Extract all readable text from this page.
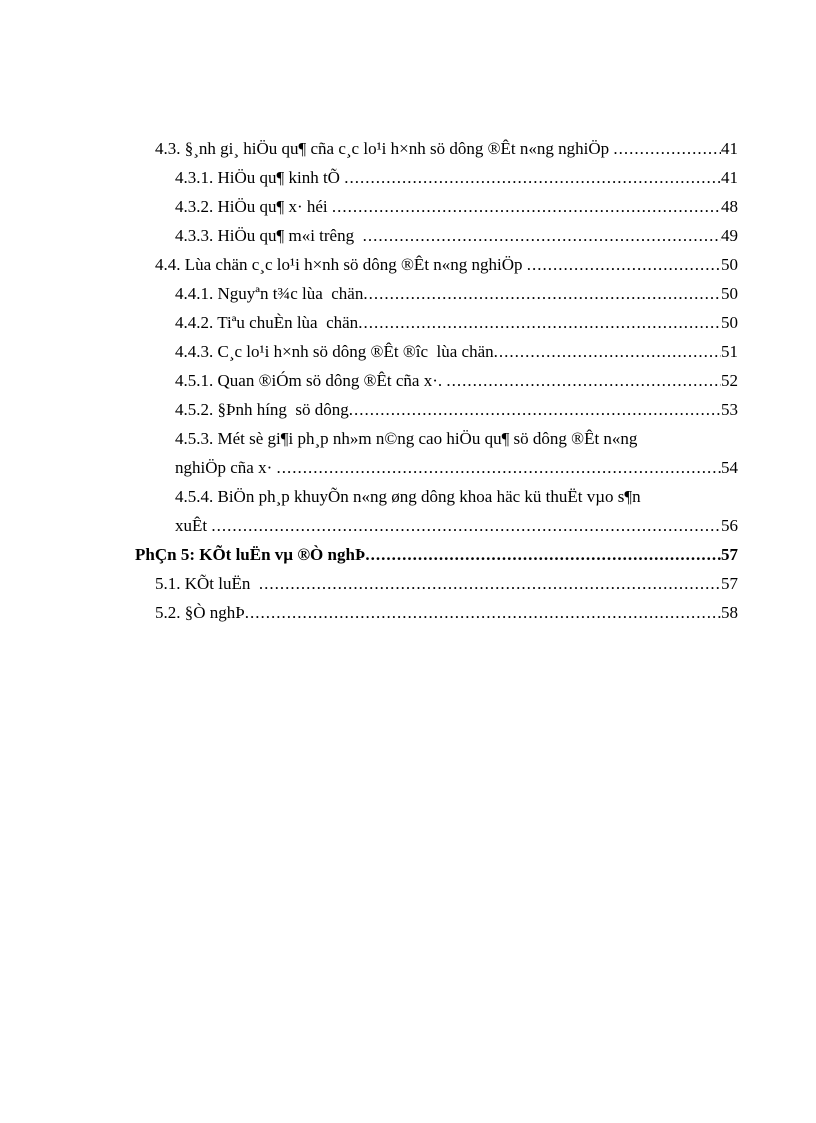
4.3. §¸nh gi¸ hiÖu qu¶ cña c¸c lo¹i h×nh sö dông ®Êt n«ng nghiÖp .....	41
4.3.1. HiÖu qu¶ kinh tÕ .....	41
4.3.2. HiÖu qu¶ x· héi .....	48
4.3.3. HiÖu qu¶ m«i trêng .....	49
4.4. Lùa chän c¸c lo¹i h×nh sö dông ®Êt n«ng nghiÖp .....	50
4.4.1. Nguyªn t¾c lùa  chän .....	50
4.4.2. Tiªu chuÈn lùa  chän .....	50
4.4.3. C¸c lo¹i h×nh sö dông ®Êt ®îc  lùa chän .....	51
4.5.1. Quan ®iÓm sö dông ®Êt cña x·. .....	52
4.5.2. §Þnh híng  sö dông .....	53
4.5.3. Mét sè gi¶i ph¸p nh»m n©ng cao hiÖu qu¶ sö dông ®Êt n«ng
nghiÖp cña x· .....	54
4.5.4. BiÖn ph¸p khuyÕn n«ng øng dông khoa häc kü thuËt vµo s¶n
xuÊt .....	56
PhÇn 5: KÕt luËn vµ ®Ò nghÞ .....	57
5.1. KÕt luËn .....	57
5.2. §Ò nghÞ .....	58
